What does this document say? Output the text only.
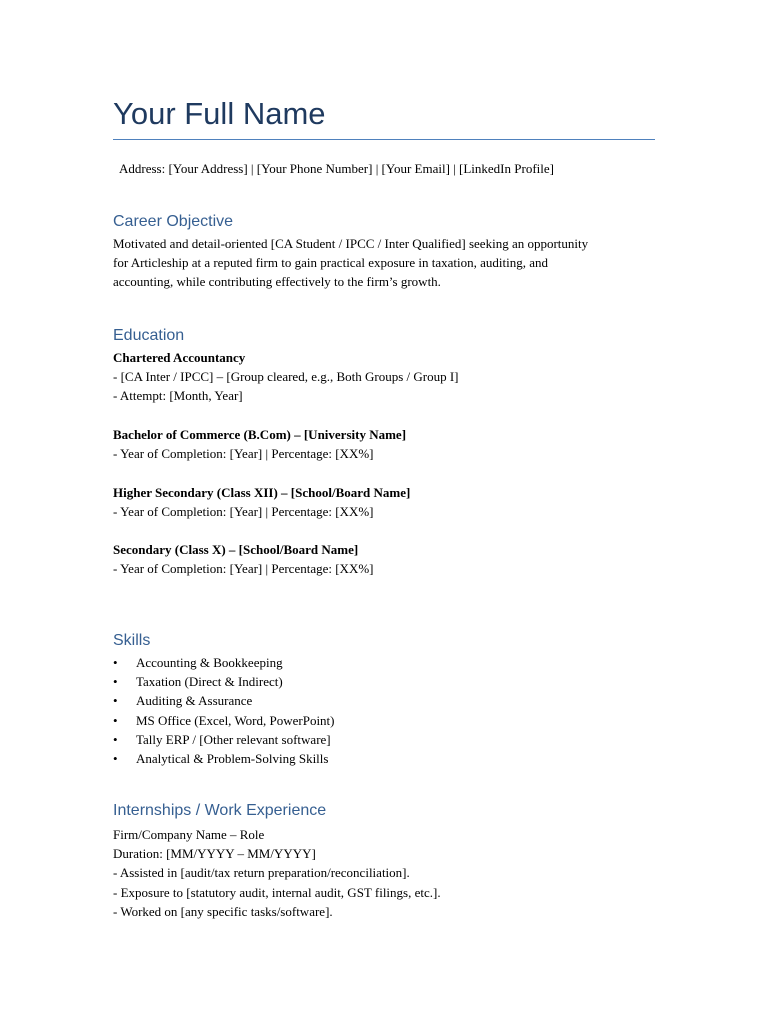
Your Full Name
Address: [Your Address] | [Your Phone Number] | [Your Email] | [LinkedIn Profile]
Career Objective
Motivated and detail-oriented [CA Student / IPCC / Inter Qualified] seeking an opportunity
for Articleship at a reputed firm to gain practical exposure in taxation, auditing, and
accounting, while contributing effectively to the firm’s growth.
Education
Chartered Accountancy
- [CA Inter / IPCC] – [Group cleared, e.g., Both Groups / Group I]
- Attempt: [Month, Year]
Bachelor of Commerce (B.Com) – [University Name]
- Year of Completion: [Year] | Percentage: [XX%]
Higher Secondary (Class XII) – [School/Board Name]
- Year of Completion: [Year] | Percentage: [XX%]
Secondary (Class X) – [School/Board Name]
- Year of Completion: [Year] | Percentage: [XX%]
Skills
• Accounting & Bookkeeping
• Taxation (Direct & Indirect)
• Auditing & Assurance
• MS Office (Excel, Word, PowerPoint)
• Tally ERP / [Other relevant software]
• Analytical & Problem-Solving Skills
Internships / Work Experience
Firm/Company Name – Role
Duration: [MM/YYYY – MM/YYYY]
- Assisted in [audit/tax return preparation/reconciliation].
- Exposure to [statutory audit, internal audit, GST filings, etc.].
- Worked on [any specific tasks/software].
